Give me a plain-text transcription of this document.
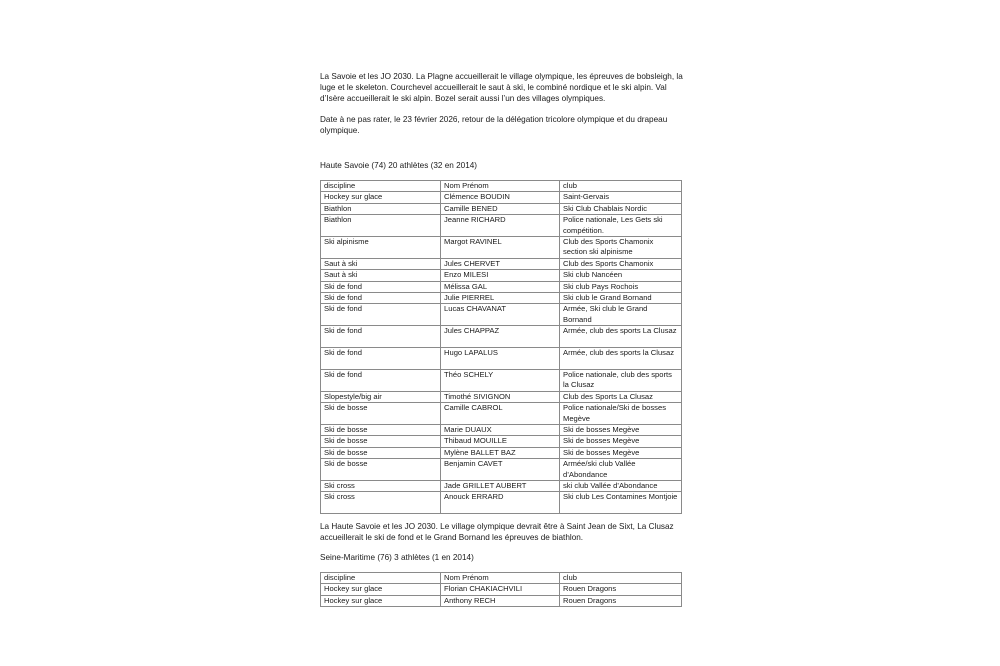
La Savoie et les JO 2030. La Plagne accueillerait le village olympique, les épreuves de bobsleigh, la luge et le skeleton. Courchevel accueillerait le saut à ski, le combiné nordique et le ski alpin. Val d’Isère accueillerait le ski alpin. Bozel serait aussi l’un des villages olympiques.

Date à ne pas rater, le 23 février 2026, retour de la délégation tricolore olympique et du drapeau olympique.

Haute Savoie (74) 20 athlètes (32 en 2014)

discipline	Nom Prénom	club
Hockey sur glace	Clémence BOUDIN	Saint-Gervais
Biathlon	Camille BENED	Ski Club Chablais Nordic
Biathlon	Jeanne RICHARD	Police nationale, Les Gets ski compétition.
Ski alpinisme	Margot RAVINEL	Club des Sports Chamonix section ski alpinisme
Saut à ski	Jules CHERVET	Club des Sports Chamonix
Saut à ski	Enzo MILESI	Ski club Nancéen
Ski de fond	Mélissa GAL	Ski club Pays Rochois
Ski de fond	Julie PIERREL	Ski club le Grand Bornand
Ski de fond	Lucas CHAVANAT	Armée, Ski club le Grand Bornand
Ski de fond	Jules CHAPPAZ	Armée, club des sports La Clusaz
Ski de fond	Hugo LAPALUS	Armée, club des sports la Clusaz
Ski de fond	Théo SCHELY	Police nationale, club des sports la Clusaz
Slopestyle/big air	Timothé SIVIGNON	Club des Sports La Clusaz
Ski de bosse	Camille CABROL	Police nationale/Ski de bosses Megève
Ski de bosse	Marie DUAUX	Ski de bosses Megève
Ski de bosse	Thibaud MOUILLE	Ski de bosses Megève
Ski de bosse	Mylène BALLET BAZ	Ski de bosses Megève
Ski de bosse	Benjamin CAVET	Armée/ski club Vallée d’Abondance
Ski cross	Jade GRILLET AUBERT	ski club Vallée d’Abondance
Ski cross	Anouck ERRARD	Ski club Les Contamines Montjoie

La Haute Savoie et les JO 2030. Le village olympique devrait être à Saint Jean de Sixt, La Clusaz accueillerait le ski de fond et le Grand Bornand les épreuves de biathlon.

Seine-Maritime (76) 3 athlètes (1 en 2014)

discipline	Nom Prénom	club
Hockey sur glace	Florian CHAKIACHVILI	Rouen Dragons
Hockey sur glace	Anthony RECH	Rouen Dragons
